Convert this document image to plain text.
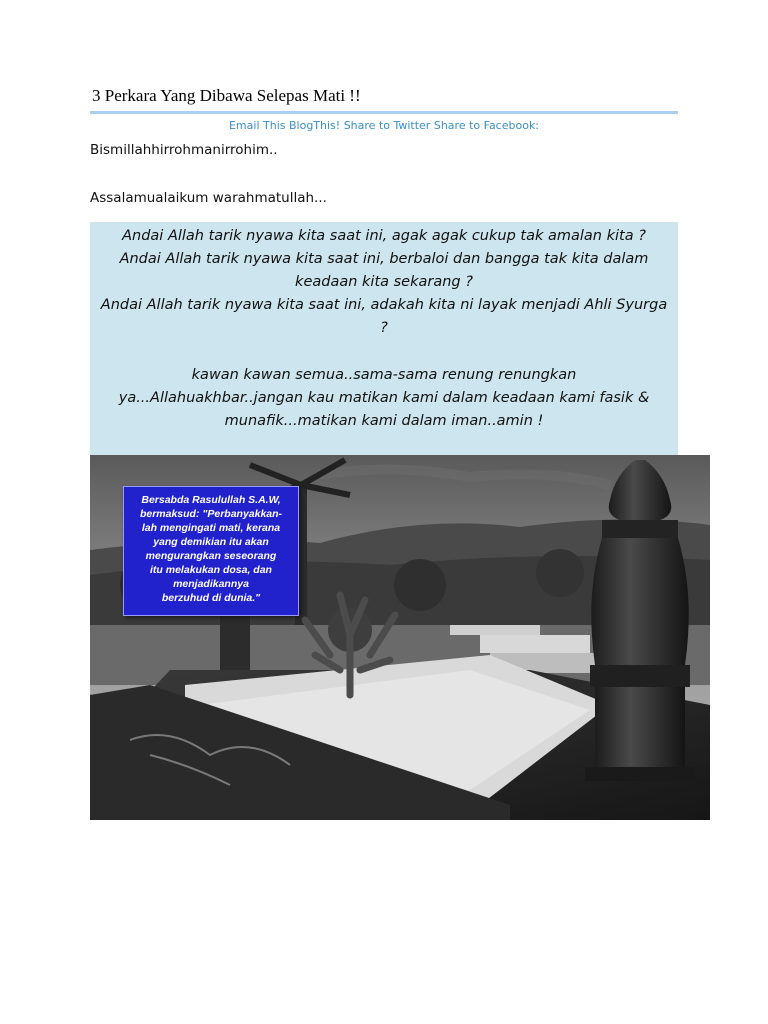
3 Perkara Yang Dibawa Selepas Mati !!
Email This BlogThis! Share to Twitter Share to Facebook:
Bismillahhirrohmanirrohim..
Assalamualaikum warahmatullah...
Andai Allah tarik nyawa kita saat ini, agak agak cukup tak amalan kita ?
Andai Allah tarik nyawa kita saat ini, berbaloi dan bangga tak kita dalam
keadaan kita sekarang ?
Andai Allah tarik nyawa kita saat ini, adakah kita ni layak menjadi Ahli Syurga
?
kawan kawan semua..sama-sama renung renungkan
ya...Allahuakhbar..jangan kau matikan kami dalam keadaan kami fasik &
munafik...matikan kami dalam iman..amin !
Bersabda Rasulullah S.A.W,
bermaksud: "Perbanyakkan-
lah mengingati mati, kerana
yang demikian itu akan
mengurangkan seseorang
itu melakukan dosa, dan
menjadikannya
berzuhud di dunia."
